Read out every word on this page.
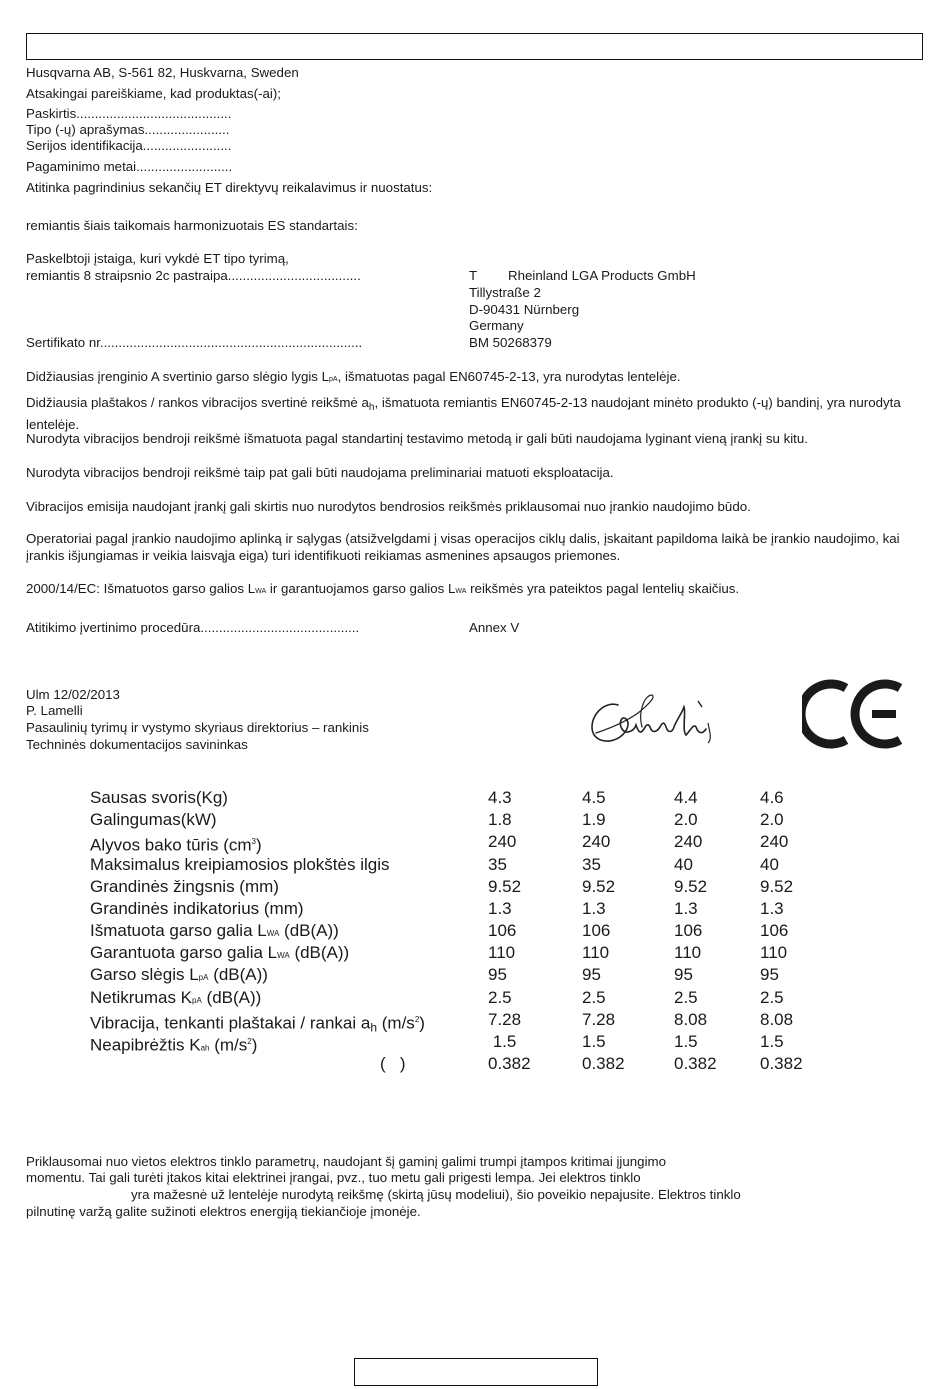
Husqvarna AB, S-561 82, Huskvarna, Sweden
Atsakingai pareiškiame, kad produktas(-ai);
Paskirtis..........................................
Tipo (-ų) aprašymas.......................
Serijos identifikacija........................
Pagaminimo metai..........................
Atitinka pagrindinius sekančių ET direktyvų reikalavimus ir nuostatus:
remiantis šiais taikomais harmonizuotais ES standartais:
Paskelbtoji įstaiga, kuri vykdė ET tipo tyrimą,
remiantis 8 straipsnio 2c pastraipa....................................	T Rheinland LGA Products GmbH
Tillystraße 2
D-90431 Nürnberg
Germany
Sertifikato nr.......................................................................	BM 50268379
Didžiausias įrenginio A svertinio garso slėgio lygis LpA, išmatuotas pagal EN60745-2-13, yra nurodytas lentelėje.
Didžiausia plaštakos / rankos vibracijos svertinė reikšmė $a_h$, išmatuota remiantis EN60745-2-13 naudojant minėto produkto (-ų) bandinį, yra nurodyta lentelėje.
Nurodyta vibracijos bendroji reikšmė išmatuota pagal standartinį testavimo metodą ir gali būti naudojama lyginant vieną įrankį su kitu.
Nurodyta vibracijos bendroji reikšmė taip pat gali būti naudojama preliminariai matuoti eksploatacija.
Vibracijos emisija naudojant įrankį gali skirtis nuo nurodytos bendrosios reikšmės priklausomai nuo įrankio naudojimo būdo.
Operatoriai pagal įrankio naudojimo aplinką ir sąlygas (atsižvelgdami į visas operacijos ciklų dalis, įskaitant papildoma laikà be įrankio naudojimo, kai įrankis išjungiamas ir veikia laisvąja eiga) turi identifikuoti reikiamas asmenines apsaugos priemones.
2000/14/EC: Išmatuotos garso galios LWA ir garantuojamos garso galios LWA reikšmės yra pateiktos pagal lentelių skaičius.
Atitikimo įvertinimo procedūra...........................................	Annex V
Ulm 12/02/2013
P. Lamelli
Pasaulinių tyrimų ir vystymo skyriaus direktorius – rankinis
Techninės dokumentacijos savininkas
CE
Sausas svoris(Kg)	4.3	4.5	4.4	4.6
Galingumas(kW)	1.8	1.9	2.0	2.0
Alyvos bako tūris $(cm^3)$	240	240	240	240
Maksimalus kreipiamosios plokštės ilgis	35	35	40	40
Grandinės žingsnis (mm)	9.52	9.52	9.52	9.52
Grandinės indikatorius (mm)	1.3	1.3	1.3	1.3
Išmatuota garso galia LWA (dB(A))	106	106	106	106
Garantuota garso galia LWA (dB(A))	110	110	110	110
Garso slėgis LpA (dB(A))	95	95	95	95
Netikrumas KpA (dB(A))	2.5	2.5	2.5	2.5
Vibracija, tenkanti plaštakai / rankai ah $(m/s^2)$	7.28	7.28	8.08	8.08
Neapibrėžtis Kah $(m/s^2)$	1.5	1.5	1.5	1.5
(   )	0.382	0.382	0.382	0.382
Priklausomai nuo vietos elektros tinklo parametrų, naudojant šį gaminį galimi trumpi įtampos kritimai įjungimo
momentu. Tai gali turėti įtakos kitai elektrinei įrangai, pvz., tuo metu gali prigesti lempa. Jei elektros tinklo
yra mažesnė už lentelėje nurodytą reikšmę (skirtą jūsų modeliui), šio poveikio nepajusite. Elektros tinklo
pilnutinę varžą galite sužinoti elektros energiją tiekiančioje įmonėje.
